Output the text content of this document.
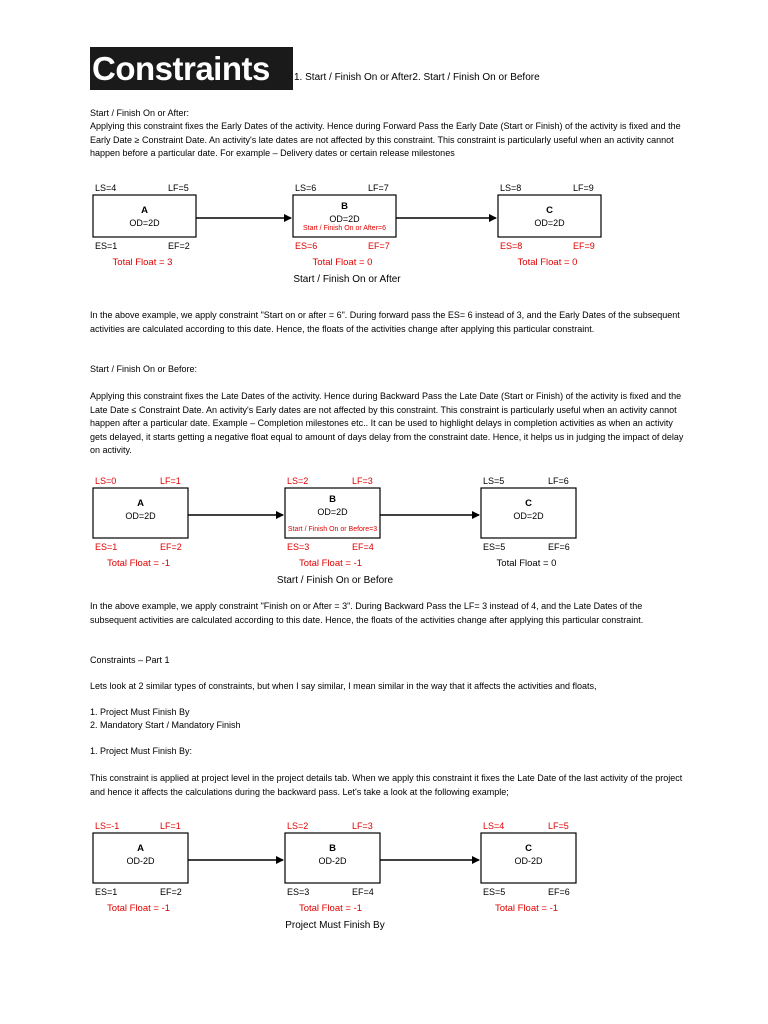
Constraints 1. Start / Finish On or After2. Start / Finish On or Before
Start / Finish On or After:
Applying this constraint fixes the Early Dates of the activity. Hence during Forward Pass the Early Date (Start or Finish) of the activity is fixed and the Early Date ≥ Constraint Date. An activity's late dates are not affected by this constraint. This constraint is particularly useful when an activity cannot happen before a particular date. For example – Delivery dates or certain release milestones
LS=4	LF=5
A
OD=2D
ES=1	EF=2
Total Float = 3
LS=6	LF=7
B
OD=2D
Start / Finish On or After=6
ES=6	EF=7
Total Float = 0
LS=8	LF=9
C
OD=2D
ES=8	EF=9
Total Float = 0
Start / Finish On or After
In the above example, we apply constraint "Start on or after = 6". During forward pass the ES= 6 instead of 3, and the Early Dates of the subsequent activities are calculated according to this date. Hence, the floats of the activities change after applying this particular constraint.
Start / Finish On or Before:
Applying this constraint fixes the Late Dates of the activity. Hence during Backward Pass the Late Date (Start or Finish) of the activity is fixed and the Late Date ≤ Constraint Date. An activity's Early dates are not affected by this constraint. This constraint is particularly useful when an activity cannot happen after a particular date. Example – Completion milestones etc.. It can be used to highlight delays in completion activities as when an activity gets delayed, it starts getting a negative float equal to amount of days delay from the constraint date. Hence, it helps us in judging the impact of delay on activity.
LS=0	LF=1
A
OD=2D
ES=1	EF=2
Total Float = -1
LS=2	LF=3
B
OD=2D
Start / Finish On or Before=3
ES=3	EF=4
Total Float = -1
LS=5	LF=6
C
OD=2D
ES=5	EF=6
Total Float = 0
Start / Finish On or Before
In the above example, we apply constraint "Finish on or After = 3". During Backward Pass the LF= 3 instead of 4, and the Late Dates of the subsequent activities are calculated according to this date. Hence, the floats of the activities change after applying this particular constraint.
Constraints – Part 1
Lets look at 2 similar types of constraints, but when I say similar, I mean similar in the way that it affects the activities and floats,
1. Project Must Finish By
2. Mandatory Start / Mandatory Finish
1. Project Must Finish By:
This constraint is applied at project level in the project details tab. When we apply this constraint it fixes the Late Date of the last activity of the project and hence it affects the calculations during the backward pass. Let's take a look at the following example;
LS=-1	LF=1
A
OD-2D
ES=1	EF=2
Total Float = -1
LS=2	LF=3
B
OD-2D
ES=3	EF=4
Total Float = -1
LS=4	LF=5
C
OD-2D
ES=5	EF=6
Total Float = -1
Project Must Finish By
